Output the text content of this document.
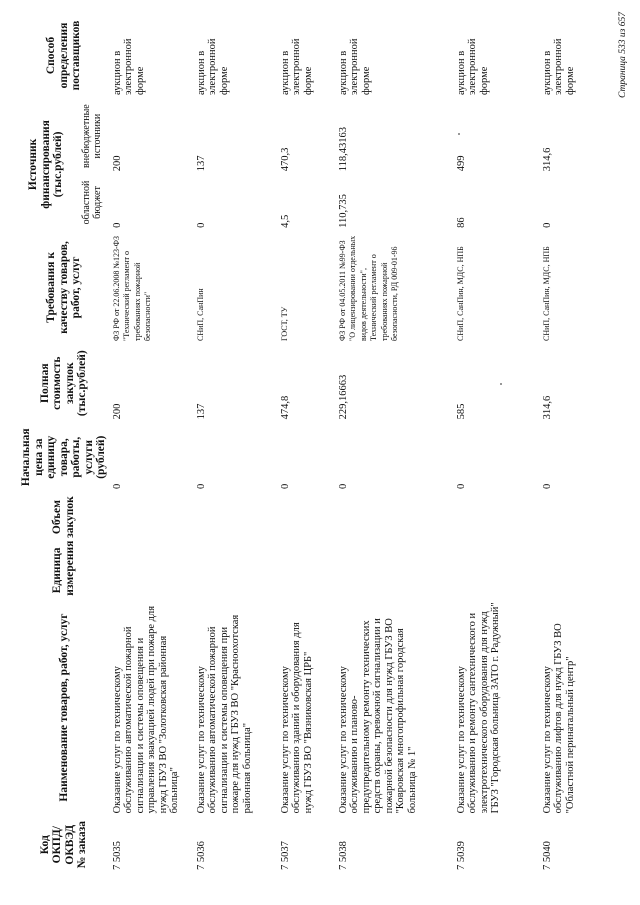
Код ОКПД/ ОКВЭД № заказа	Наименование товаров, работ, услуг	Единица измерения	Объем закупок	Начальная цена за единицу товара, работы, услуги (рублей)	Полная стоимость закупок (тыс.рублей)	Требования к качеству товаров, работ, услуг	Источник финансирования (тыс.рублей)		Способ определения поставщиков
							областной бюджет	внебюджетные источники	
7 5035	Оказание услуг по техническому обслуживанию автоматической пожарной сигнализации и системы оповещения и управления эвакуацией людей при пожаре для нужд ГБУЗ ВО "Золотковская районная больница"			0	200	ФЗ РФ от 22.06.2008 №123-ФЗ "Технический регламент о требованиях пожарной безопасности"	0	200	аукцион в электронной форме
7 5036	Оказание услуг по техническому обслуживанию автоматической пожарной сигнализации и системы оповещения при пожаре для нужд ГБУЗ ВО "Красноохотская районная больница"			0	137	СНиП, СанПин	0	137	аукцион в электронной форме
7 5037	Оказание услуг по техническому обслуживанию зданий и оборудования для нужд ГБУЗ ВО "Вязниковская ЦРБ"			0	474,8	ГОСТ, ТУ	4,5	470,3	аукцион в электронной форме
7 5038	Оказание услуг по техническому обслуживанию и планово-предупредительному ремонту технических средств охраны, тревожной сигнализации и пожарной безопасности для нужд ГБУЗ ВО "Ковровская многопрофильная городская больница № 1"			0	229,16663	ФЗ РФ от 04.05.2011 №99-ФЗ "О лицензировании отдельных видов деятельности", Технический регламент о требованиях пожарной безопасности, РД 009-01-96	110,735	118,43163	аукцион в электронной форме
7 5039	Оказание услуг по техническому обслуживанию и ремонту сантехнического и электротехнического оборудования для нужд ГБУЗ "Городская больница ЗАТО г. Радужный"			0	585	СНиП, СанПин, МДС, НПБ	86	499	аукцион в электронной форме
7 5040	Оказание услуг по техническому обслуживанию лифтов для нужд ГБУЗ ВО "Областной перинатальный центр"			0	314,6	СНиП, СанПин, МДС, НПБ	0	314,6	аукцион в электронной форме	Страница 533 из 657
